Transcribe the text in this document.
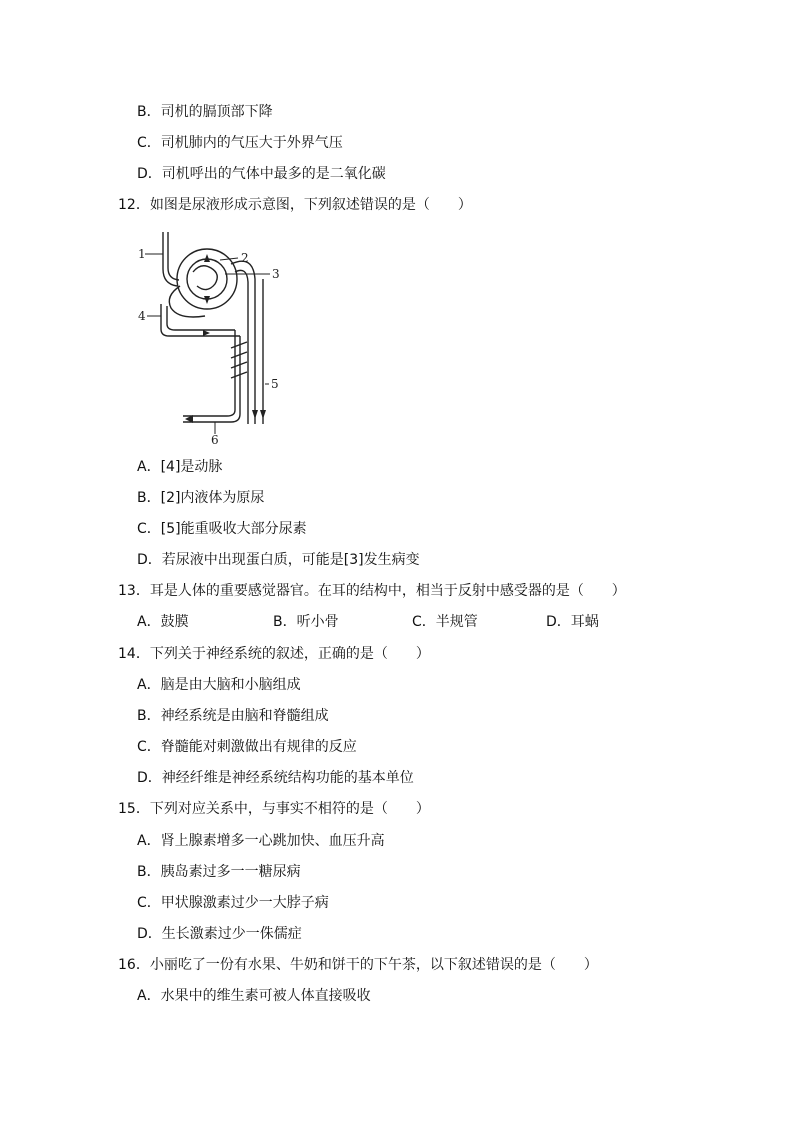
B．司机的膈顶部下降
C．司机肺内的气压大于外界气压
D．司机呼出的气体中最多的是二氧化碳
12．如图是尿液形成示意图，下列叙述错误的是（　　）
1	2
3
4
5
6
A．[4]是动脉
B．[2]内液体为原尿
C．[5]能重吸收大部分尿素
D．若尿液中出现蛋白质，可能是[3]发生病变
13．耳是人体的重要感觉器官。在耳的结构中，相当于反射中感受器的是（　　）
A．鼓膜	B．听小骨	C．半规管	D．耳蜗
14．下列关于神经系统的叙述，正确的是（　　）
A．脑是由大脑和小脑组成
B．神经系统是由脑和脊髓组成
C．脊髓能对刺激做出有规律的反应
D．神经纤维是神经系统结构功能的基本单位
15．下列对应关系中，与事实不相符的是（　　）
A．肾上腺素增多一心跳加快、血压升高
B．胰岛素过多一一糖尿病
C．甲状腺激素过少一大脖子病
D．生长激素过少一侏儒症
16．小丽吃了一份有水果、牛奶和饼干的下午茶，以下叙述错误的是（　　）
A．水果中的维生素可被人体直接吸收
